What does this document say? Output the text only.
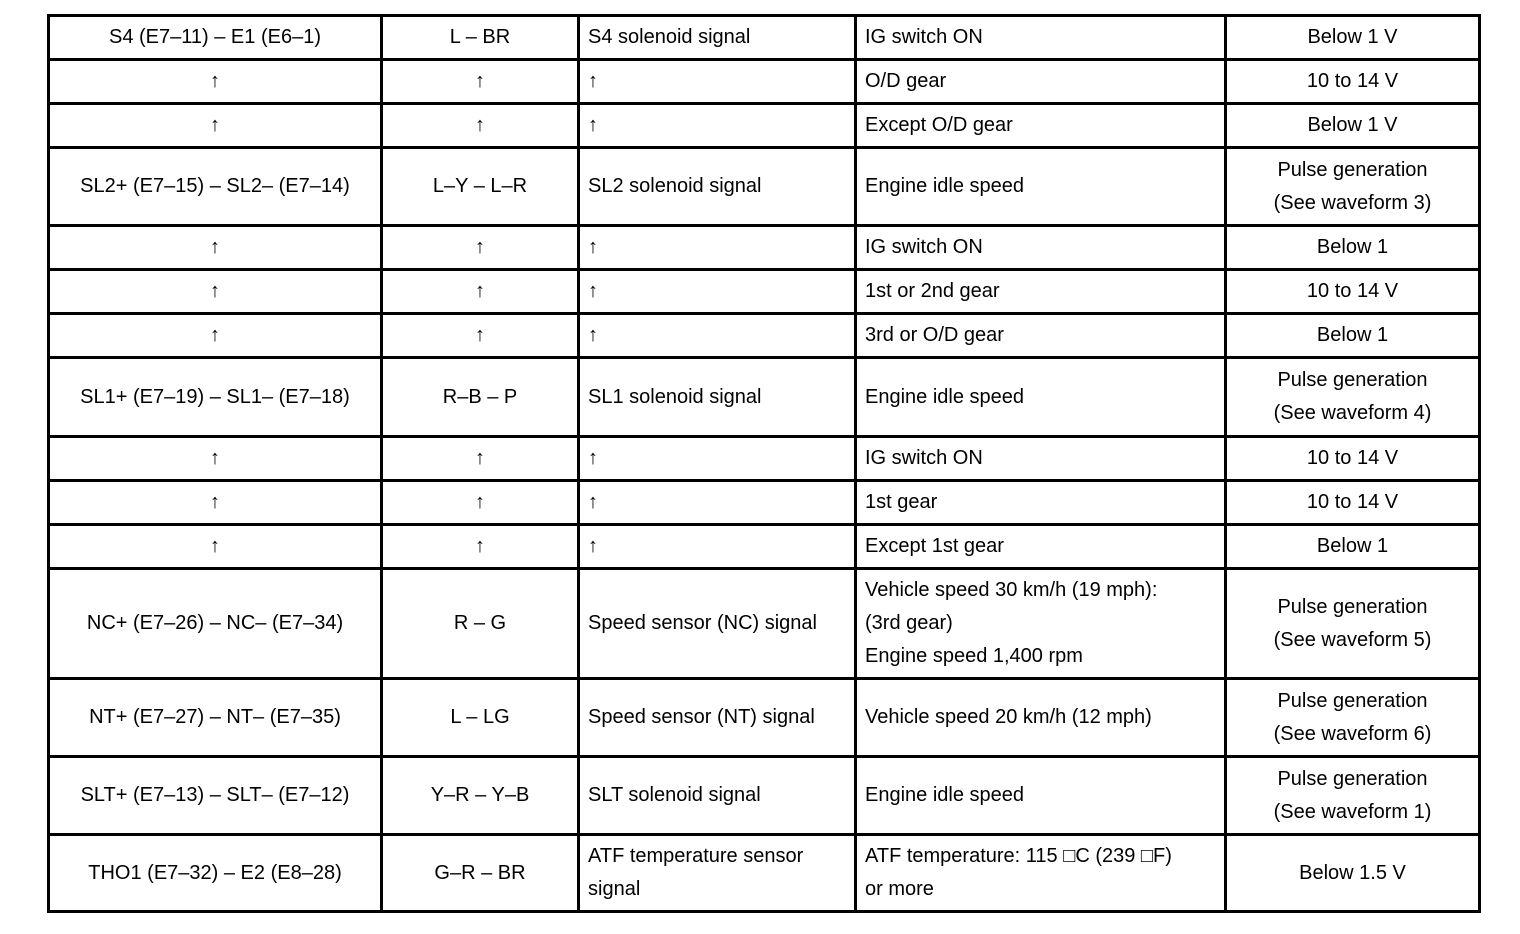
S4 (E7–11) – E1 (E6–1)	L – BR	S4 solenoid signal	IG switch ON	Below 1 V

↑	↑	↑	O/D gear	10 to 14 V

↑	↑	↑	Except O/D gear	Below 1 V

SL2+ (E7–15) – SL2– (E7–14)	L–Y – L–R	SL2 solenoid signal	Engine idle speed	Pulse generation
(See waveform 3)

↑	↑	↑	IG switch ON	Below 1

↑	↑	↑	1st or 2nd gear	10 to 14 V

↑	↑	↑	3rd or O/D gear	Below 1

SL1+ (E7–19) – SL1– (E7–18)	R–B – P	SL1 solenoid signal	Engine idle speed	Pulse generation
(See waveform 4)

↑	↑	↑	IG switch ON	10 to 14 V

↑	↑	↑	1st gear	10 to 14 V

↑	↑	↑	Except 1st gear	Below 1

NC+ (E7–26) – NC– (E7–34)	R – G	Speed sensor (NC) signal	Vehicle speed 30 km/h (19 mph):
(3rd gear)
Engine speed 1,400 rpm	Pulse generation
(See waveform 5)

NT+ (E7–27) – NT– (E7–35)	L – LG	Speed sensor (NT) signal	Vehicle speed 20 km/h (12 mph)	Pulse generation
(See waveform 6)

SLT+ (E7–13) – SLT– (E7–12)	Y–R – Y–B	SLT solenoid signal	Engine idle speed	Pulse generation
(See waveform 1)

THO1 (E7–32) – E2 (E8–28)	G–R – BR	ATF temperature sensor
signal	ATF temperature: 115 □C (239 □F)
or more	Below 1.5 V
